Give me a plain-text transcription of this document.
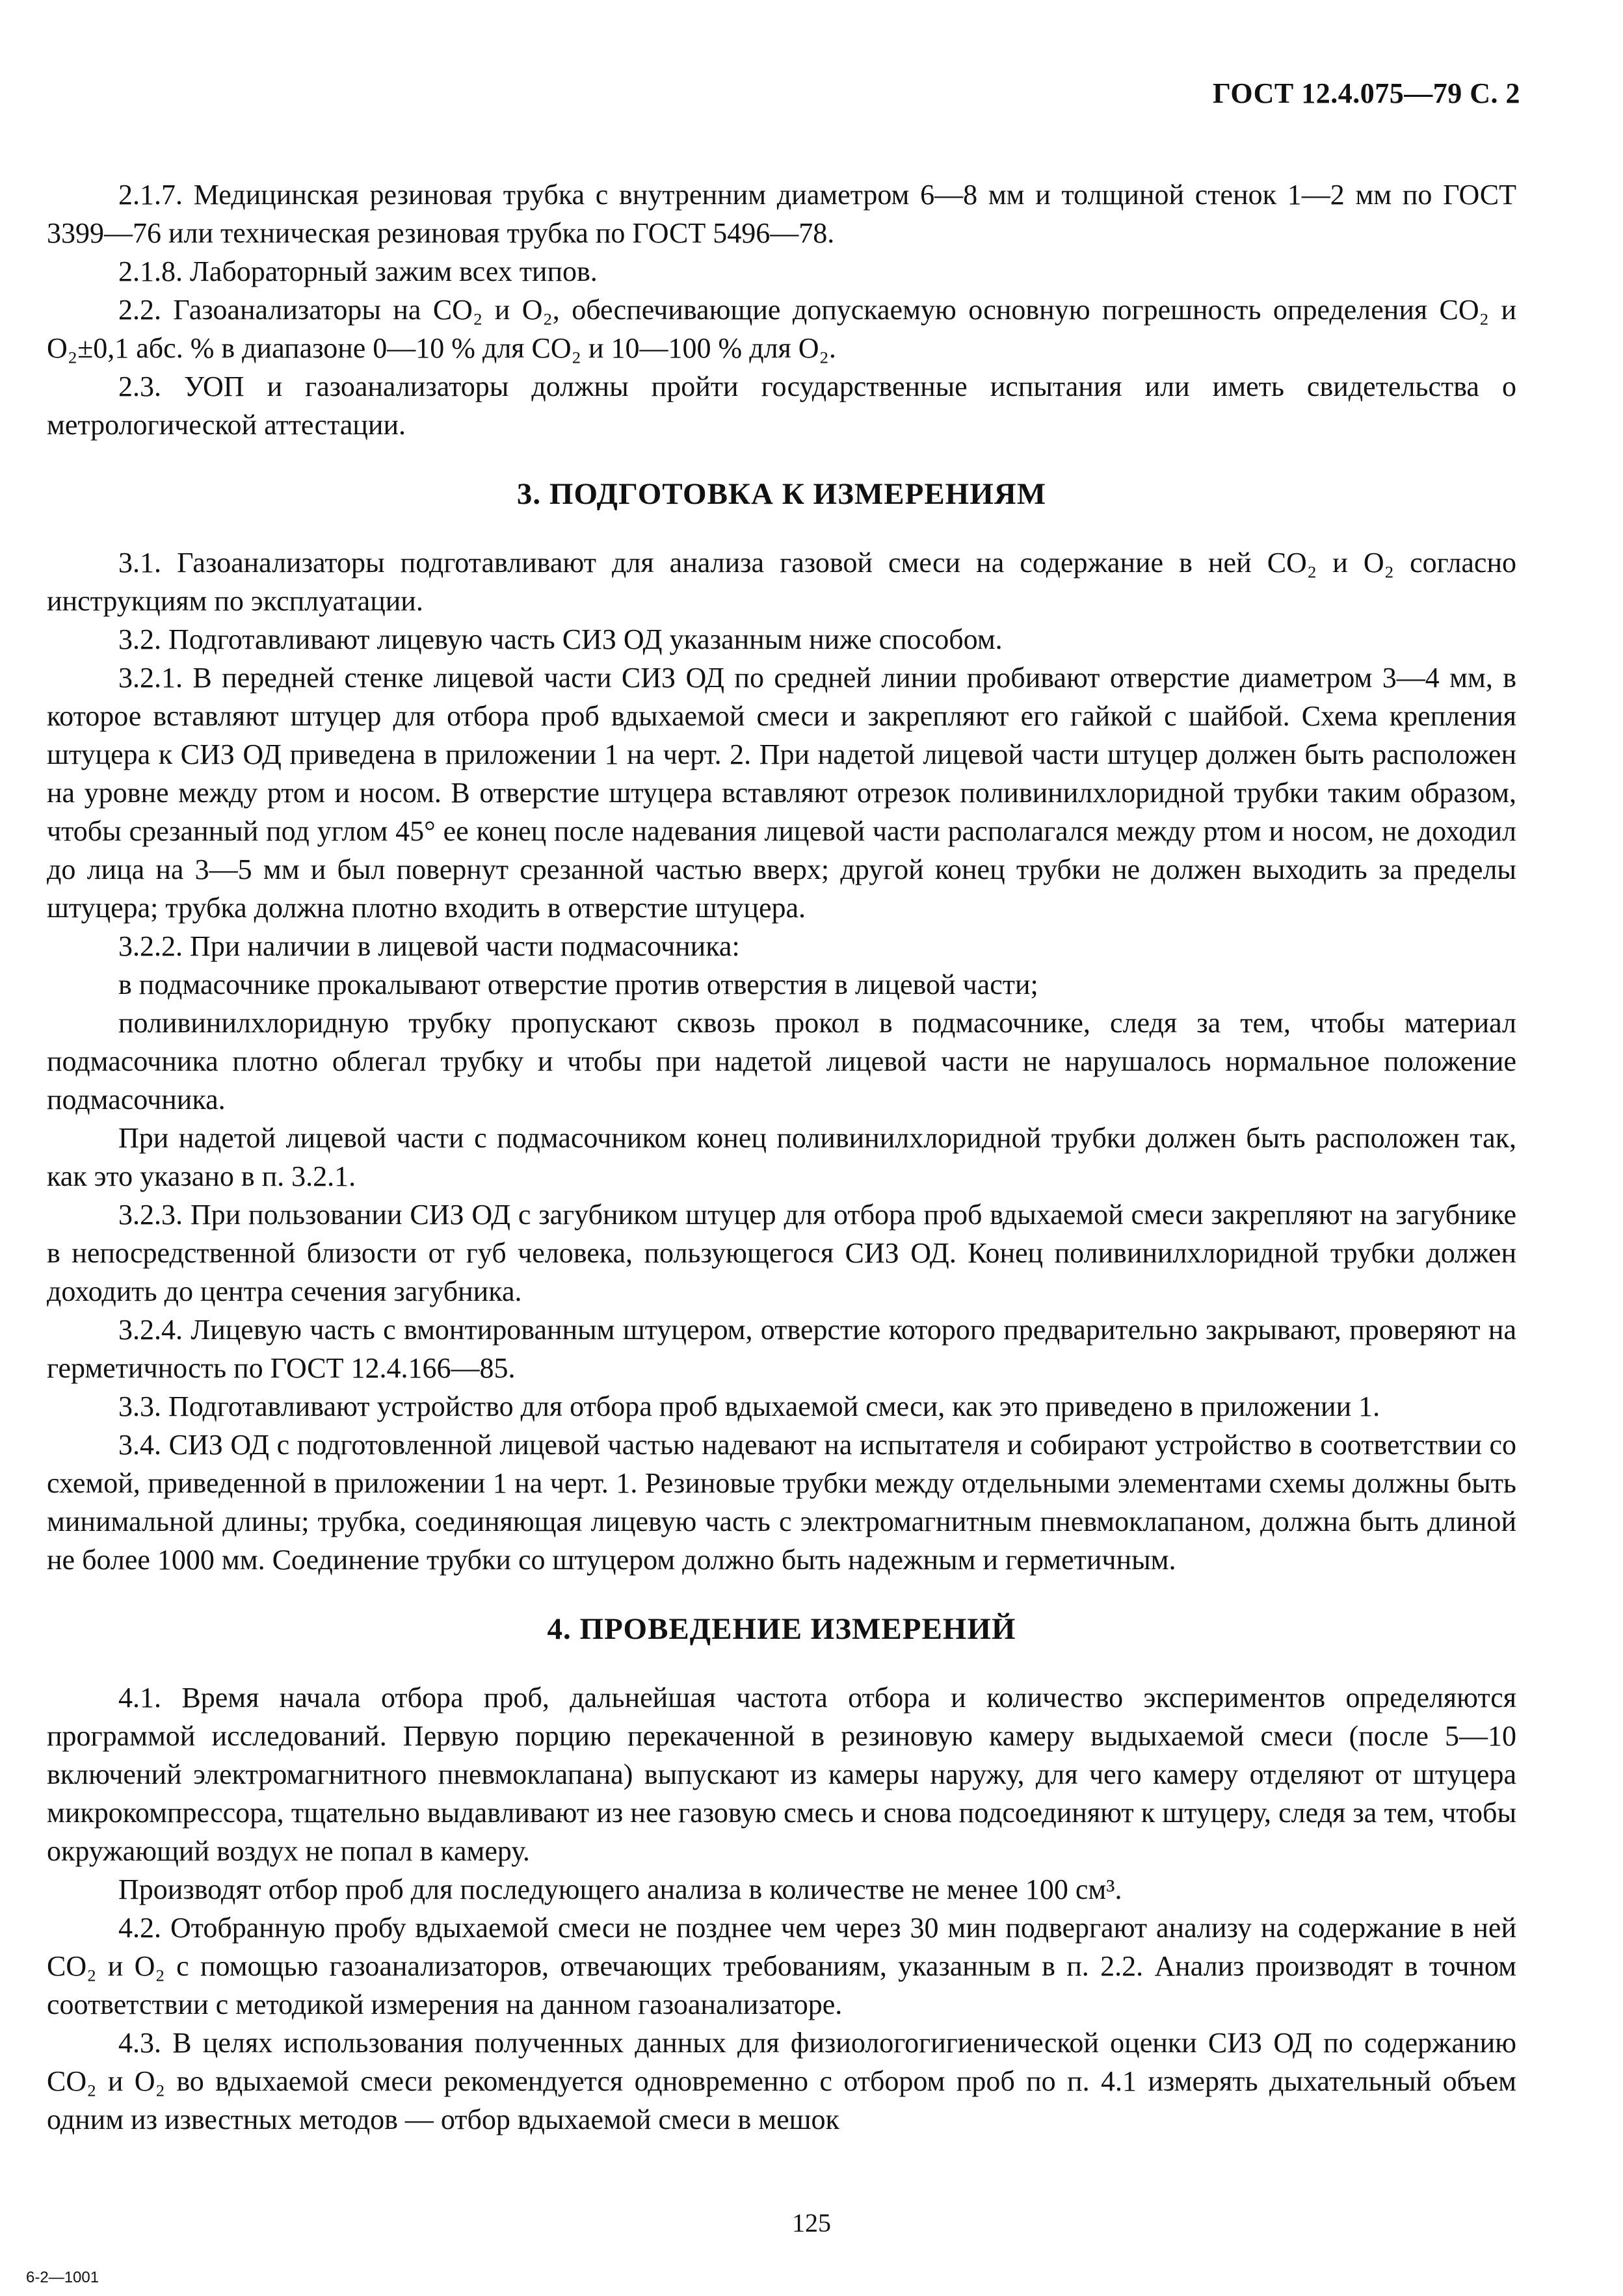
ГОСТ 12.4.075—79 С. 2

2.1.7. Медицинская резиновая трубка с внутренним диаметром 6—8 мм и толщиной стенок 1—2 мм по ГОСТ 3399—76 или техническая резиновая трубка по ГОСТ 5496—78.

2.1.8. Лабораторный зажим всех типов.

2.2. Газоанализаторы на CO₂ и O₂, обеспечивающие допускаемую основную погрешность определения CO₂ и O₂±0,1 абс. % в диапазоне 0—10 % для CO₂ и 10—100 % для O₂.

2.3. УОП и газоанализаторы должны пройти государственные испытания или иметь свидетельства о метрологической аттестации.

3. ПОДГОТОВКА К ИЗМЕРЕНИЯМ

3.1. Газоанализаторы подготавливают для анализа газовой смеси на содержание в ней CO₂ и O₂ согласно инструкциям по эксплуатации.

3.2. Подготавливают лицевую часть СИЗ ОД указанным ниже способом.

3.2.1. В передней стенке лицевой части СИЗ ОД по средней линии пробивают отверстие диаметром 3—4 мм, в которое вставляют штуцер для отбора проб вдыхаемой смеси и закрепляют его гайкой с шайбой. Схема крепления штуцера к СИЗ ОД приведена в приложении 1 на черт. 2. При надетой лицевой части штуцер должен быть расположен на уровне между ртом и носом. В отверстие штуцера вставляют отрезок поливинилхлоридной трубки таким образом, чтобы срезанный под углом 45° ее конец после надевания лицевой части располагался между ртом и носом, не доходил до лица на 3—5 мм и был повернут срезанной частью вверх; другой конец трубки не должен выходить за пределы штуцера; трубка должна плотно входить в отверстие штуцера.

3.2.2. При наличии в лицевой части подмасочника:

в подмасочнике прокалывают отверстие против отверстия в лицевой части;

поливинилхлоридную трубку пропускают сквозь прокол в подмасочнике, следя за тем, чтобы материал подмасочника плотно облегал трубку и чтобы при надетой лицевой части не нарушалось нормальное положение подмасочника.

При надетой лицевой части с подмасочником конец поливинилхлоридной трубки должен быть расположен так, как это указано в п. 3.2.1.

3.2.3. При пользовании СИЗ ОД с загубником штуцер для отбора проб вдыхаемой смеси закрепляют на загубнике в непосредственной близости от губ человека, пользующегося СИЗ ОД. Конец поливинилхлоридной трубки должен доходить до центра сечения загубника.

3.2.4. Лицевую часть с вмонтированным штуцером, отверстие которого предварительно закрывают, проверяют на герметичность по ГОСТ 12.4.166—85.

3.3. Подготавливают устройство для отбора проб вдыхаемой смеси, как это приведено в приложении 1.

3.4. СИЗ ОД с подготовленной лицевой частью надевают на испытателя и собирают устройство в соответствии со схемой, приведенной в приложении 1 на черт. 1. Резиновые трубки между отдельными элементами схемы должны быть минимальной длины; трубка, соединяющая лицевую часть с электромагнитным пневмоклапаном, должна быть длиной не более 1000 мм. Соединение трубки со штуцером должно быть надежным и герметичным.

4. ПРОВЕДЕНИЕ ИЗМЕРЕНИЙ

4.1. Время начала отбора проб, дальнейшая частота отбора и количество экспериментов определяются программой исследований. Первую порцию перекаченной в резиновую камеру выдыхаемой смеси (после 5—10 включений электромагнитного пневмоклапана) выпускают из камеры наружу, для чего камеру отделяют от штуцера микрокомпрессора, тщательно выдавливают из нее газовую смесь и снова подсоединяют к штуцеру, следя за тем, чтобы окружающий воздух не попал в камеру.

Производят отбор проб для последующего анализа в количестве не менее 100 см³.

4.2. Отобранную пробу вдыхаемой смеси не позднее чем через 30 мин подвергают анализу на содержание в ней CO₂ и O₂ с помощью газоанализаторов, отвечающих требованиям, указанным в п. 2.2. Анализ производят в точном соответствии с методикой измерения на данном газоанализаторе.

4.3. В целях использования полученных данных для физиологогигиенической оценки СИЗ ОД по содержанию CO₂ и O₂ во вдыхаемой смеси рекомендуется одновременно с отбором проб по п. 4.1 измерять дыхательный объем одним из известных методов — отбор вдыхаемой смеси в мешок

125
6-2—1001
